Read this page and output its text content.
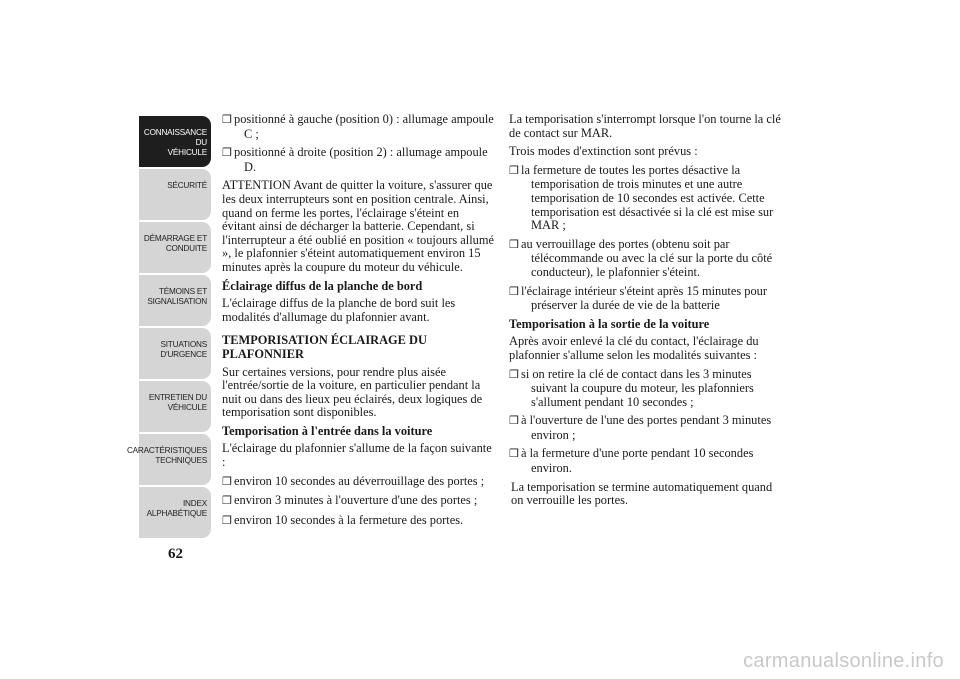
CONNAISSANCE DU
VÉHICULE
SÉCURITÉ
DÉMARRAGE ET
CONDUITE
TÉMOINS ET
SIGNALISATION
SITUATIONS
D'URGENCE
ENTRETIEN DU
VÉHICULE
CARACTÉRISTIQUES
TECHNIQUES
INDEX
ALPHABÉTIQUE
62
❒ positionné à gauche (position 0) : allumage ampoule C ;
❒ positionné à droite (position 2) : allumage ampoule D.

ATTENTION Avant de quitter la voiture, s'assurer que les deux interrupteurs sont en position centrale. Ainsi, quand on ferme les portes, l'éclairage s'éteint en évitant ainsi de décharger la batterie. Cependant, si l'interrupteur a été oublié en position « toujours allumé », le plafonnier s'éteint automatiquement environ 15 minutes après la coupure du moteur du véhicule.

Éclairage diffus de la planche de bord

L'éclairage diffus de la planche de bord suit les modalités d'allumage du plafonnier avant.

TEMPORISATION ÉCLAIRAGE DU PLAFONNIER

Sur certaines versions, pour rendre plus aisée l'entrée/sortie de la voiture, en particulier pendant la nuit ou dans des lieux peu éclairés, deux logiques de temporisation sont disponibles.

Temporisation à l'entrée dans la voiture

L'éclairage du plafonnier s'allume de la façon suivante :

❒ environ 10 secondes au déverrouillage des portes ;
❒ environ 3 minutes à l'ouverture d'une des portes ;
❒ environ 10 secondes à la fermeture des portes.

La temporisation s'interrompt lorsque l'on tourne la clé de contact sur MAR.

Trois modes d'extinction sont prévus :

❒ la fermeture de toutes les portes désactive la temporisation de trois minutes et une autre temporisation de 10 secondes est activée. Cette temporisation est désactivée si la clé est mise sur MAR ;
❒ au verrouillage des portes (obtenu soit par télécommande ou avec la clé sur la porte du côté conducteur), le plafonnier s'éteint.
❒ l'éclairage intérieur s'éteint après 15 minutes pour préserver la durée de vie de la batterie

Temporisation à la sortie de la voiture

Après avoir enlevé la clé du contact, l'éclairage du plafonnier s'allume selon les modalités suivantes :

❒ si on retire la clé de contact dans les 3 minutes suivant la coupure du moteur, les plafonniers s'allument pendant 10 secondes ;
❒ à l'ouverture de l'une des portes pendant 3 minutes environ ;
❒ à la fermeture d'une porte pendant 10 secondes environ.

La temporisation se termine automatiquement quand on verrouille les portes.

carmanualsonline.info
